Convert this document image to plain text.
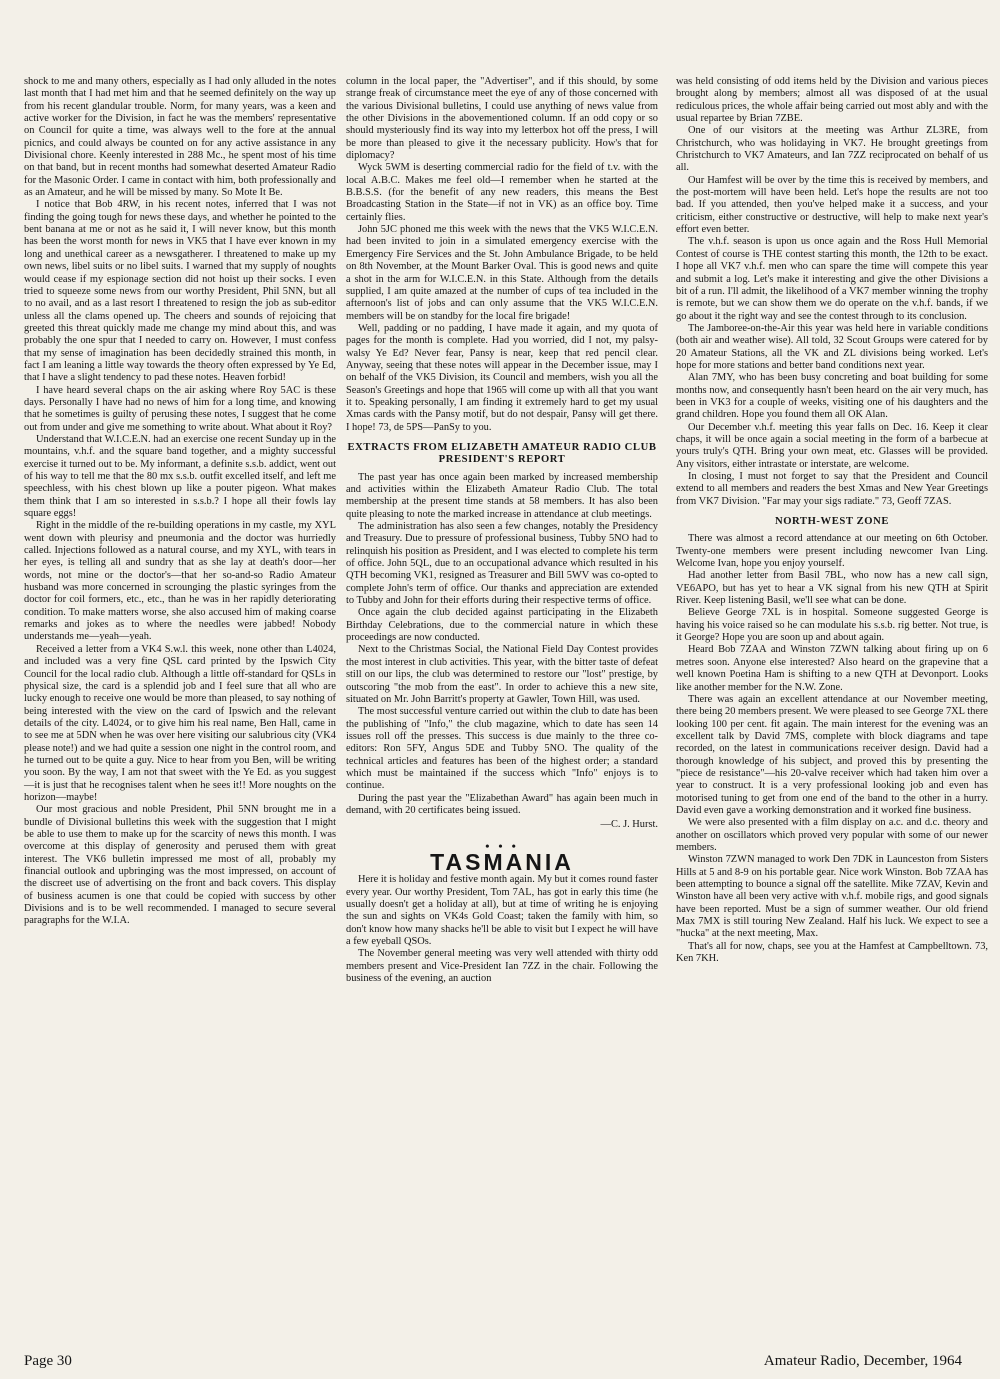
shock to me and many others, especially as I had only alluded in the notes last month that I had met him and that he seemed definitely on the way up from his recent glandular trouble. Norm, for many years, was a keen and active worker for the Division, in fact he was the members' representative on Council for quite a time, was always well to the fore at the annual picnics, and could always be counted on for any active assistance in any Divisional chore. Keenly interested in 288 Mc., he spent most of his time on that band, but in recent months had somewhat deserted Amateur Radio for the Masonic Order. I came in contact with him, both professionally and as an Amateur, and he will be missed by many. So Mote It Be.

I notice that Bob 4RW, in his recent notes, inferred that I was not finding the going tough for news these days, and whether he pointed to the bent banana at me or not as he said it, I will never know, but this month has been the worst month for news in VK5 that I have ever known in my long and unethical career as a newsgatherer. I threatened to make up my own news, libel suits or no libel suits. I warned that my supply of noughts would cease if my espionage section did not hoist up their socks. I even tried to squeeze some news from our worthy President, Phil 5NN, but all to no avail, and as a last resort I threatened to resign the job as sub-editor unless all the clams opened up. The cheers and sounds of rejoicing that greeted this threat quickly made me change my mind about this, and was probably the one spur that I needed to carry on. However, I must confess that my sense of imagination has been decidedly strained this month, in fact I am leaning a little way towards the theory often expressed by Ye Ed, that I have a slight tendency to pad these notes. Heaven forbid!

I have heard several chaps on the air asking where Roy 5AC is these days. Personally I have had no news of him for a long time, and knowing that he sometimes is guilty of perusing these notes, I suggest that he come out from under and give me something to write about. What about it Roy?

Understand that W.I.C.E.N. had an exercise one recent Sunday up in the mountains, v.h.f. and the square band together, and a mighty successful exercise it turned out to be. My informant, a definite s.s.b. addict, went out of his way to tell me that the 80 mx s.s.b. outfit excelled itself, and left me speechless, with his chest blown up like a pouter pigeon. What makes them think that I am so interested in s.s.b.? I hope all their fowls lay square eggs!

Right in the middle of the re-building operations in my castle, my XYL went down with pleurisy and pneumonia and the doctor was hurriedly called. Injections followed as a natural course, and my XYL, with tears in her eyes, is telling all and sundry that as she lay at death's door—her words, not mine or the doctor's—that her so-and-so Radio Amateur husband was more concerned in scrounging the plastic syringes from the doctor for coil formers, etc., etc., than he was in her rapidly deteriorating condition. To make matters worse, she also accused him of making coarse remarks and jokes as to where the needles were jabbed! Nobody understands me—yeah—yeah.

Received a letter from a VK4 S.w.l. this week, none other than L4024, and included was a very fine QSL card printed by the Ipswich City Council for the local radio club. Although a little off-standard for QSLs in physical size, the card is a splendid job and I feel sure that all who are lucky enough to receive one would be more than pleased, to say nothing of being interested with the view on the card of Ipswich and the relevant details of the city. L4024, or to give him his real name, Ben Hall, came in to see me at 5DN when he was over here visiting our salubrious city (VK4 please note!) and we had quite a session one night in the control room, and he turned out to be quite a guy. Nice to hear from you Ben, will be writing you soon. By the way, I am not that sweet with the Ye Ed. as you suggest—it is just that he recognises talent when he sees it!! More noughts on the horizon—maybe!

Our most gracious and noble President, Phil 5NN brought me in a bundle of Divisional bulletins this week with the suggestion that I might be able to use them to make up for the scarcity of news this month. I was overcome at this display of generosity and perused them with great interest. The VK6 bulletin impressed me most of all, probably my financial outlook and upbringing was the most impressed, on account of the discreet use of advertising on the front and back covers. This display of business acumen is one that could be copied with success by other Divisions and is to be well recommended. I managed to secure several paragraphs for the W.I.A.

column in the local paper, the "Advertiser", and if this should, by some strange freak of circumstance meet the eye of any of those concerned with the various Divisional bulletins, I could use anything of news value from the other Divisions in the abovementioned column. If an odd copy or so should mysteriously find its way into my letterbox hot off the press, I will be more than pleased to give it the necessary publicity. How's that for diplomacy?

Wyck 5WM is deserting commercial radio for the field of t.v. with the local A.B.C. Makes me feel old—I remember when he started at the B.B.S.S. (for the benefit of any new readers, this means the Best Broadcasting Station in the State—if not in VK) as an office boy. Time certainly flies.

John 5JC phoned me this week with the news that the VK5 W.I.C.E.N. had been invited to join in a simulated emergency exercise with the Emergency Fire Services and the St. John Ambulance Brigade, to be held on 8th November, at the Mount Barker Oval. This is good news and quite a shot in the arm for W.I.C.E.N. in this State. Although from the details supplied, I am quite amazed at the number of cups of tea included in the afternoon's list of jobs and can only assume that the VK5 W.I.C.E.N. members will be on standby for the local fire brigade!

Well, padding or no padding, I have made it again, and my quota of pages for the month is complete. Had you worried, did I not, my palsy-walsy Ye Ed? Never fear, Pansy is near, keep that red pencil clear. Anyway, seeing that these notes will appear in the December issue, may I on behalf of the VK5 Division, its Council and members, wish you all the Season's Greetings and hope that 1965 will come up with all that you want it to. Speaking personally, I am finding it extremely hard to get my usual Xmas cards with the Pansy motif, but do not despair, Pansy will get there. I hope! 73, de 5PS—PanSy to you.

EXTRACTS FROM ELIZABETH AMATEUR RADIO CLUB PRESIDENT'S REPORT

The past year has once again been marked by increased membership and activities within the Elizabeth Amateur Radio Club. The total membership at the present time stands at 58 members. It has also been quite pleasing to note the marked increase in attendance at club meetings.

The administration has also seen a few changes, notably the Presidency and Treasury. Due to pressure of professional business, Tubby 5NO had to relinquish his position as President, and I was elected to complete his term of office. John 5QL, due to an occupational advance which resulted in his QTH becoming VK1, resigned as Treasurer and Bill 5WV was co-opted to complete John's term of office. Our thanks and appreciation are extended to Tubby and John for their efforts during their respective terms of office.

Once again the club decided against participating in the Elizabeth Birthday Celebrations, due to the commercial nature in which these proceedings are now conducted.

Next to the Christmas Social, the National Field Day Contest provides the most interest in club activities. This year, with the bitter taste of defeat still on our lips, the club was determined to restore our "lost" prestige, by outscoring "the mob from the east". In order to achieve this a new site, situated on Mr. John Barritt's property at Gawler, Town Hill, was used.

The most successful venture carried out within the club to date has been the publishing of "Info," the club magazine, which to date has seen 14 issues roll off the presses. This success is due mainly to the three co-editors: Ron 5FY, Angus 5DE and Tubby 5NO. The quality of the technical articles and features has been of the highest order; a standard which must be maintained if the success which "Info" enjoys is to continue.

During the past year the "Elizabethan Award" has again been much in demand, with 20 certificates being issued.

—C. J. Hurst.
• • •
TASMANIA

Here it is holiday and festive month again. My but it comes round faster every year. Our worthy President, Tom 7AL, has got in early this time (he usually doesn't get a holiday at all), but at time of writing he is enjoying the sun and sights on VK4s Gold Coast; taken the family with him, so don't know how many shacks he'll be able to visit but I expect he will have a few eyeball QSOs.

The November general meeting was very well attended with thirty odd members present and Vice-President Ian 7ZZ in the chair. Following the business of the evening, an auction

was held consisting of odd items held by the Division and various pieces brought along by members; almost all was disposed of at the usual rediculous prices, the whole affair being carried out most ably and with the usual repartee by Brian 7ZBE.

One of our visitors at the meeting was Arthur ZL3RE, from Christchurch, who was holidaying in VK7. He brought greetings from Christchurch to VK7 Amateurs, and Ian 7ZZ reciprocated on behalf of us all.

Our Hamfest will be over by the time this is received by members, and the post-mortem will have been held. Let's hope the results are not too bad. If you attended, then you've helped make it a success, and your criticism, either constructive or destructive, will help to make next year's effort even better.

The v.h.f. season is upon us once again and the Ross Hull Memorial Contest of course is THE contest starting this month, the 12th to be exact. I hope all VK7 v.h.f. men who can spare the time will compete this year and submit a log. Let's make it interesting and give the other Divisions a bit of a run. I'll admit, the likelihood of a VK7 member winning the trophy is remote, but we can show them we do operate on the v.h.f. bands, if we go about it the right way and see the contest through to its conclusion.

The Jamboree-on-the-Air this year was held here in variable conditions (both air and weather wise). All told, 32 Scout Groups were catered for by 20 Amateur Stations, all the VK and ZL divisions being worked. Let's hope for more stations and better band conditions next year.

Alan 7MY, who has been busy concreting and boat building for some months now, and consequently hasn't been heard on the air very much, has been in VK3 for a couple of weeks, visiting one of his daughters and the grand children. Hope you found them all OK Alan.

Our December v.h.f. meeting this year falls on Dec. 16. Keep it clear chaps, it will be once again a social meeting in the form of a barbecue at yours truly's QTH. Bring your own meat, etc. Glasses will be provided. Any visitors, either intrastate or interstate, are welcome.

In closing, I must not forget to say that the President and Council extend to all members and readers the best Xmas and New Year Greetings from VK7 Division. "Far may your sigs radiate." 73, Geoff 7ZAS.

NORTH-WEST ZONE

There was almost a record attendance at our meeting on 6th October. Twenty-one members were present including newcomer Ivan Ling. Welcome Ivan, hope you enjoy yourself.

Had another letter from Basil 7BL, who now has a new call sign, VE6APO, but has yet to hear a VK signal from his new QTH at Spirit River. Keep listening Basil, we'll see what can be done.

Believe George 7XL is in hospital. Someone suggested George is having his voice raised so he can modulate his s.s.b. rig better. Not true, is it George? Hope you are soon up and about again.

Heard Bob 7ZAA and Winston 7ZWN talking about firing up on 6 metres soon. Anyone else interested? Also heard on the grapevine that a well known Poetina Ham is shifting to a new QTH at Devonport. Looks like another member for the N.W. Zone.

There was again an excellent attendance at our November meeting, there being 20 members present. We were pleased to see George 7XL there looking 100 per cent. fit again. The main interest for the evening was an excellent talk by David 7MS, complete with block diagrams and tape recorded, on the latest in communications receiver design. David had a thorough knowledge of his subject, and proved this by presenting the "piece de resistance"—his 20-valve receiver which had taken him over a year to construct. It is a very professional looking job and even has motorised tuning to get from one end of the band to the other in a hurry. David even gave a working demonstration and it worked fine business.

We were also presented with a film display on a.c. and d.c. theory and another on oscillators which proved very popular with some of our newer members.

Winston 7ZWN managed to work Den 7DK in Launceston from Sisters Hills at 5 and 8-9 on his portable gear. Nice work Winston. Bob 7ZAA has been attempting to bounce a signal off the satellite. Mike 7ZAV, Kevin and Winston have all been very active with v.h.f. mobile rigs, and good signals have been reported. Must be a sign of summer weather. Our old friend Max 7MX is still touring New Zealand. Half his luck. We expect to see a "hucka" at the next meeting, Max.

That's all for now, chaps, see you at the Hamfest at Campbelltown. 73, Ken 7KH.

Page 30	Amateur Radio, December, 1964
